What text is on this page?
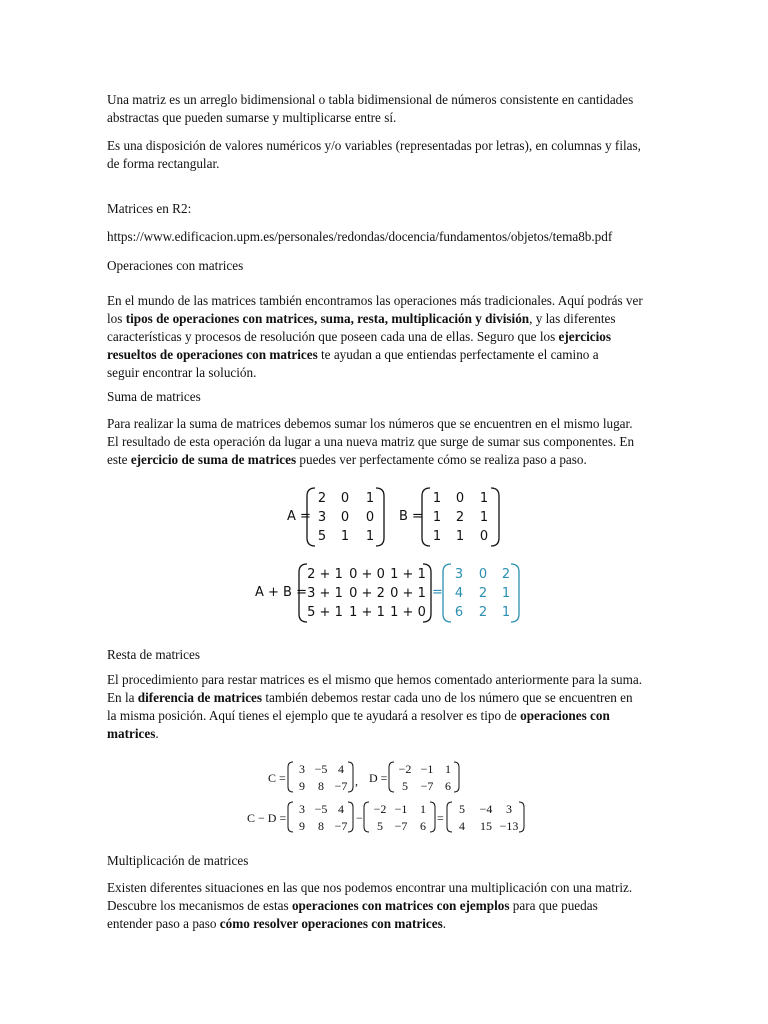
Una matriz es un arreglo bidimensional o tabla bidimensional de números consistente en cantidades
abstractas que pueden sumarse y multiplicarse entre sí.

Es una disposición de valores numéricos y/o variables (representadas por letras), en columnas y filas,
de forma rectangular.

Matrices en R2:

https://www.edificacion.upm.es/personales/redondas/docencia/fundamentos/objetos/tema8b.pdf

Operaciones con matrices

En el mundo de las matrices también encontramos las operaciones más tradicionales. Aquí podrás ver
los tipos de operaciones con matrices, suma, resta, multiplicación y división, y las diferentes
características y procesos de resolución que poseen cada una de ellas. Seguro que los ejercicios
resueltos de operaciones con matrices te ayudan a que entiendas perfectamente el camino a
seguir encontrar la solución.

Suma de matrices

Para realizar la suma de matrices debemos sumar los números que se encuentren en el mismo lugar.
El resultado de esta operación da lugar a una nueva matriz que surge de sumar sus componentes. En
este ejercicio de suma de matrices puedes ver perfectamente cómo se realiza paso a paso.

A =
2 0 1
3 0 0
5 1 1
B =
1 0 1
1 2 1
1 1 0
A + B =
2 + 1 0 + 0 1 + 1
3 + 1 0 + 2 0 + 1
5 + 1 1 + 1 1 + 0
=
3 0 2
4 2 1
6 2 1

Resta de matrices

El procedimiento para restar matrices es el mismo que hemos comentado anteriormente para la suma.
En la diferencia de matrices también debemos restar cada uno de los número que se encuentren en
la misma posición. Aquí tienes el ejemplo que te ayudará a resolver es tipo de operaciones con
matrices.

C =
3 −5 4
9 8 −7 , D =
−2 −1 1
5 −7 6
C − D =
3 −5 4
9 8 −7
−
−2 −1 1
5 −7 6
=
5 −4 3
4 15 −13

Multiplicación de matrices

Existen diferentes situaciones en las que nos podemos encontrar una multiplicación con una matriz.
Descubre los mecanismos de estas operaciones con matrices con ejemplos para que puedas
entender paso a paso cómo resolver operaciones con matrices.
